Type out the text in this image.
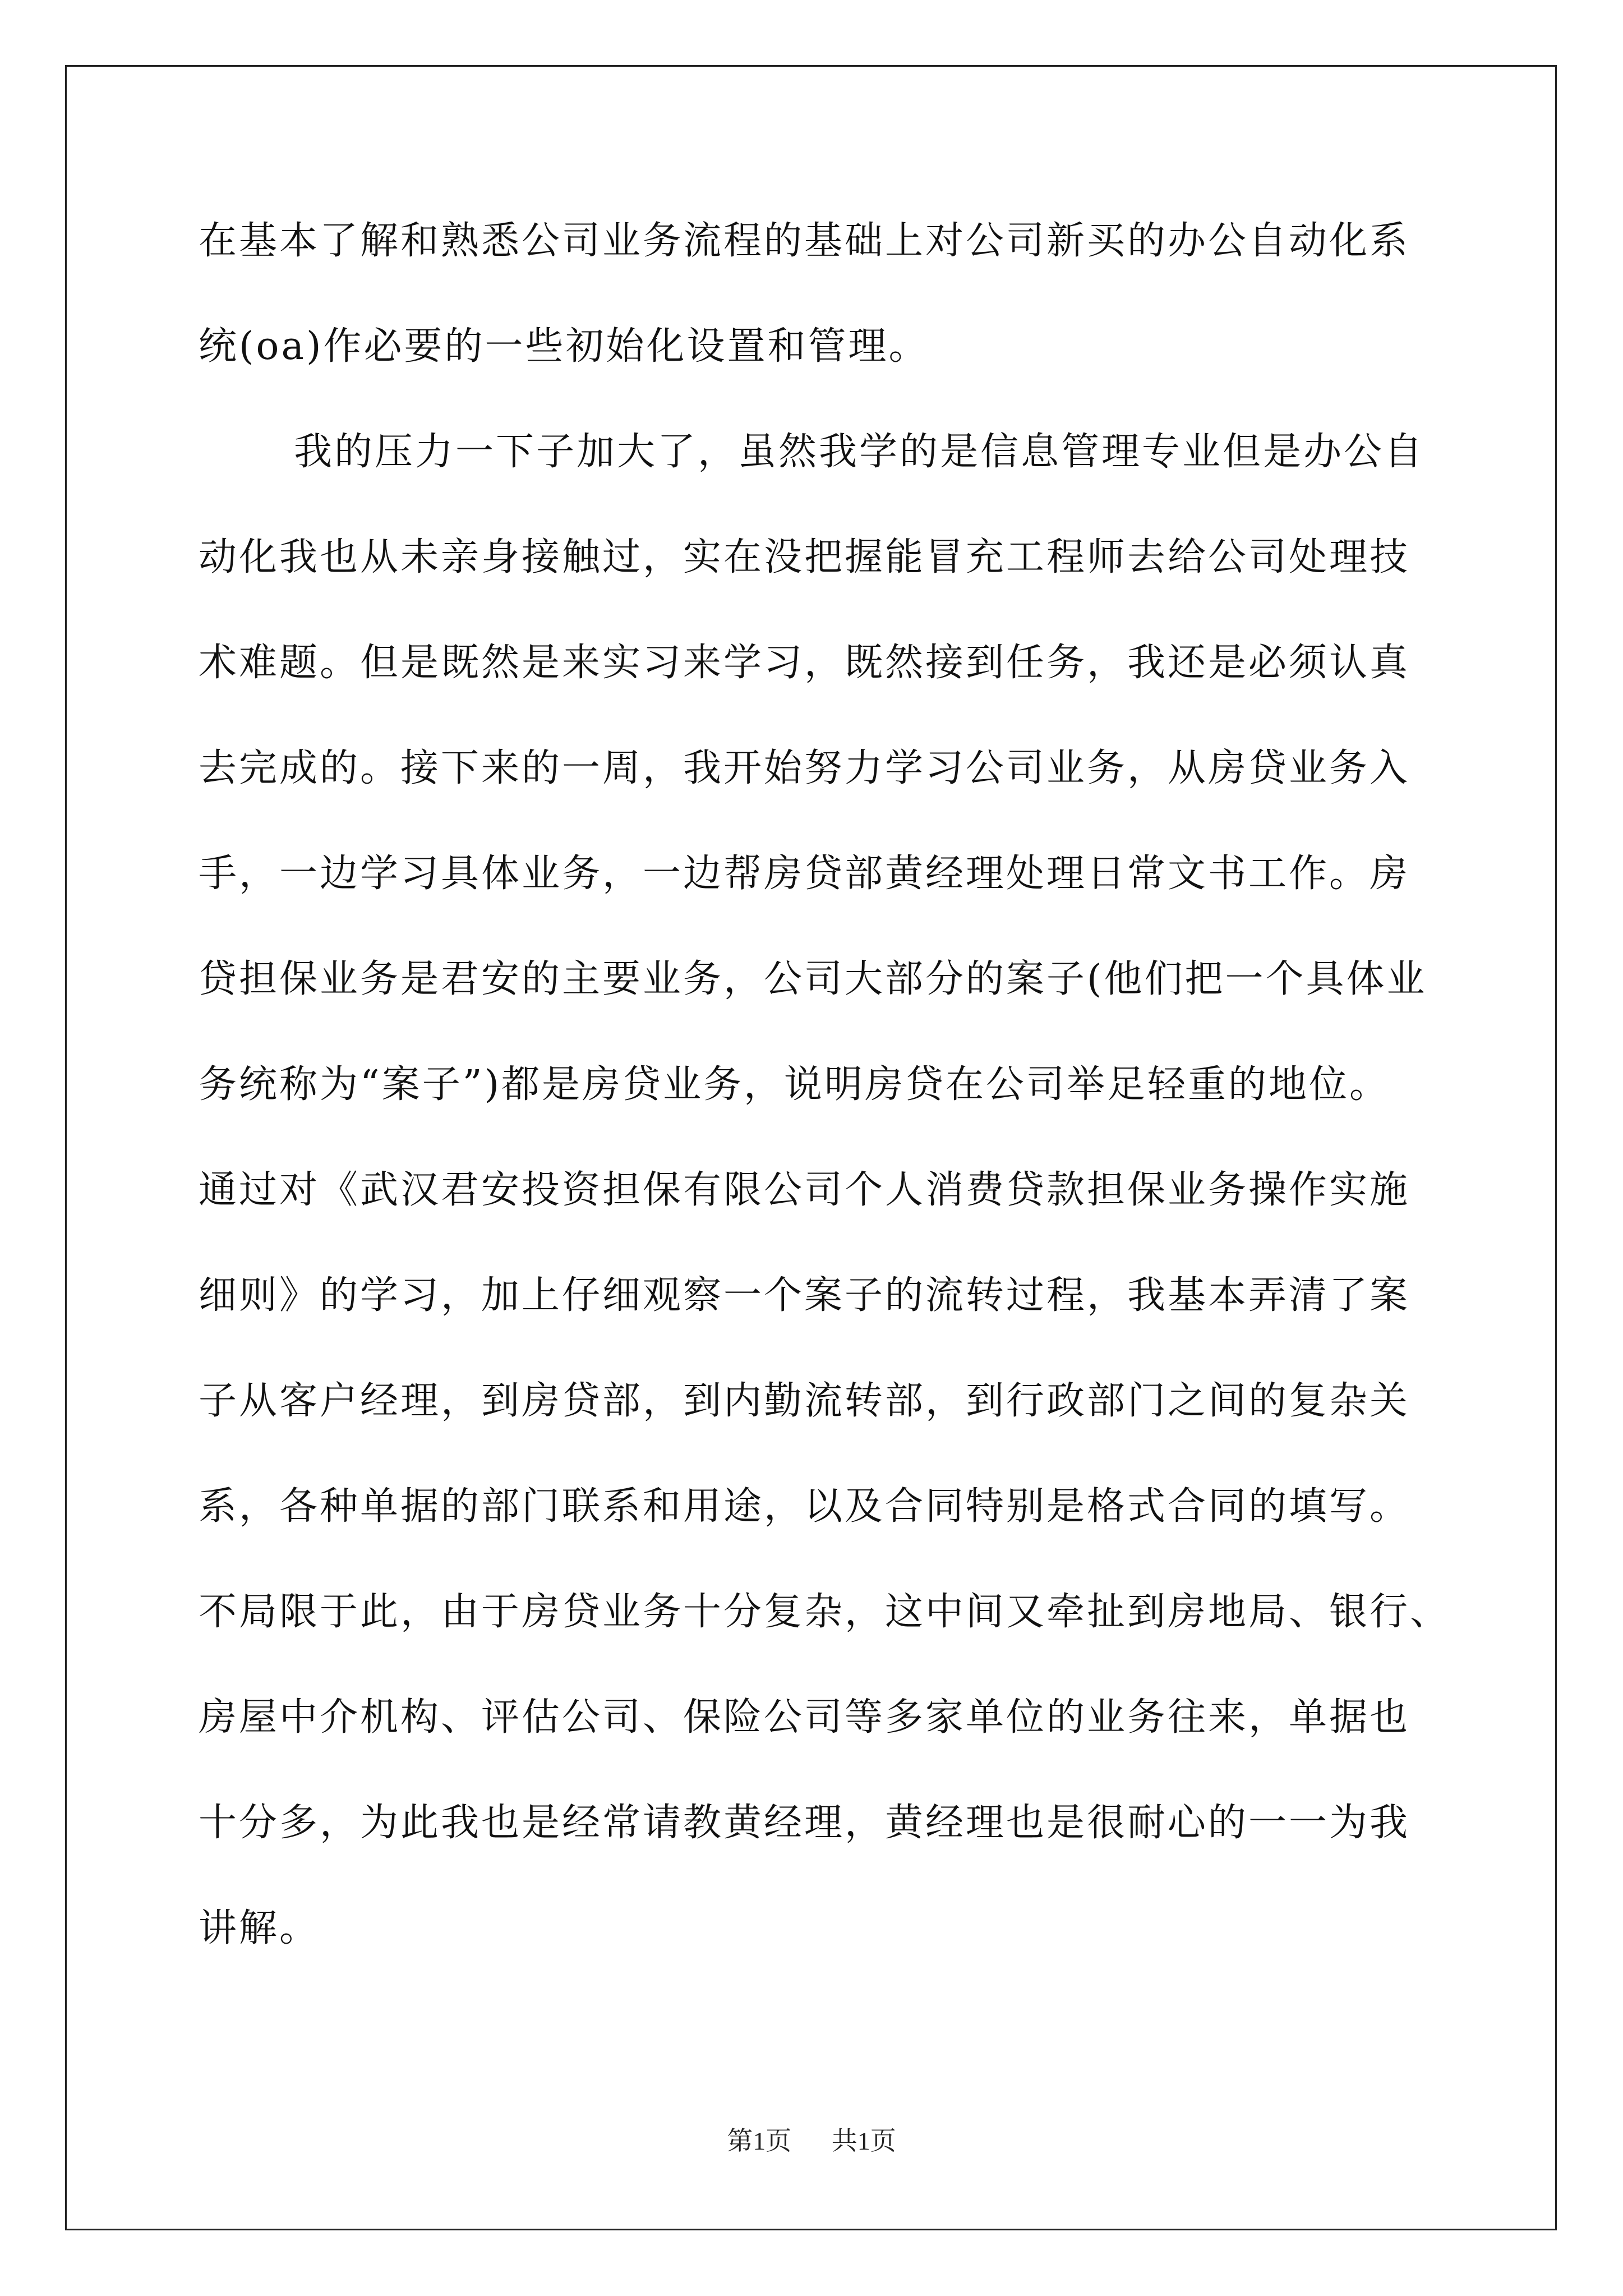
在基本了解和熟悉公司业务流程的基础上对公司新买的办公自动化系
统(oa)作必要的一些初始化设置和管理。
我的压力一下子加大了，虽然我学的是信息管理专业但是办公自
动化我也从未亲身接触过，实在没把握能冒充工程师去给公司处理技
术难题。但是既然是来实习来学习，既然接到任务，我还是必须认真
去完成的。接下来的一周，我开始努力学习公司业务，从房贷业务入
手，一边学习具体业务，一边帮房贷部黄经理处理日常文书工作。房
贷担保业务是君安的主要业务，公司大部分的案子(他们把一个具体业
务统称为“案子”)都是房贷业务，说明房贷在公司举足轻重的地位。
通过对《武汉君安投资担保有限公司个人消费贷款担保业务操作实施
细则》的学习，加上仔细观察一个案子的流转过程，我基本弄清了案
子从客户经理，到房贷部，到内勤流转部，到行政部门之间的复杂关
系，各种单据的部门联系和用途，以及合同特别是格式合同的填写。
不局限于此，由于房贷业务十分复杂，这中间又牵扯到房地局、银行、
房屋中介机构、评估公司、保险公司等多家单位的业务往来，单据也
十分多，为此我也是经常请教黄经理，黄经理也是很耐心的一一为我
讲解。
第1页 共1页
